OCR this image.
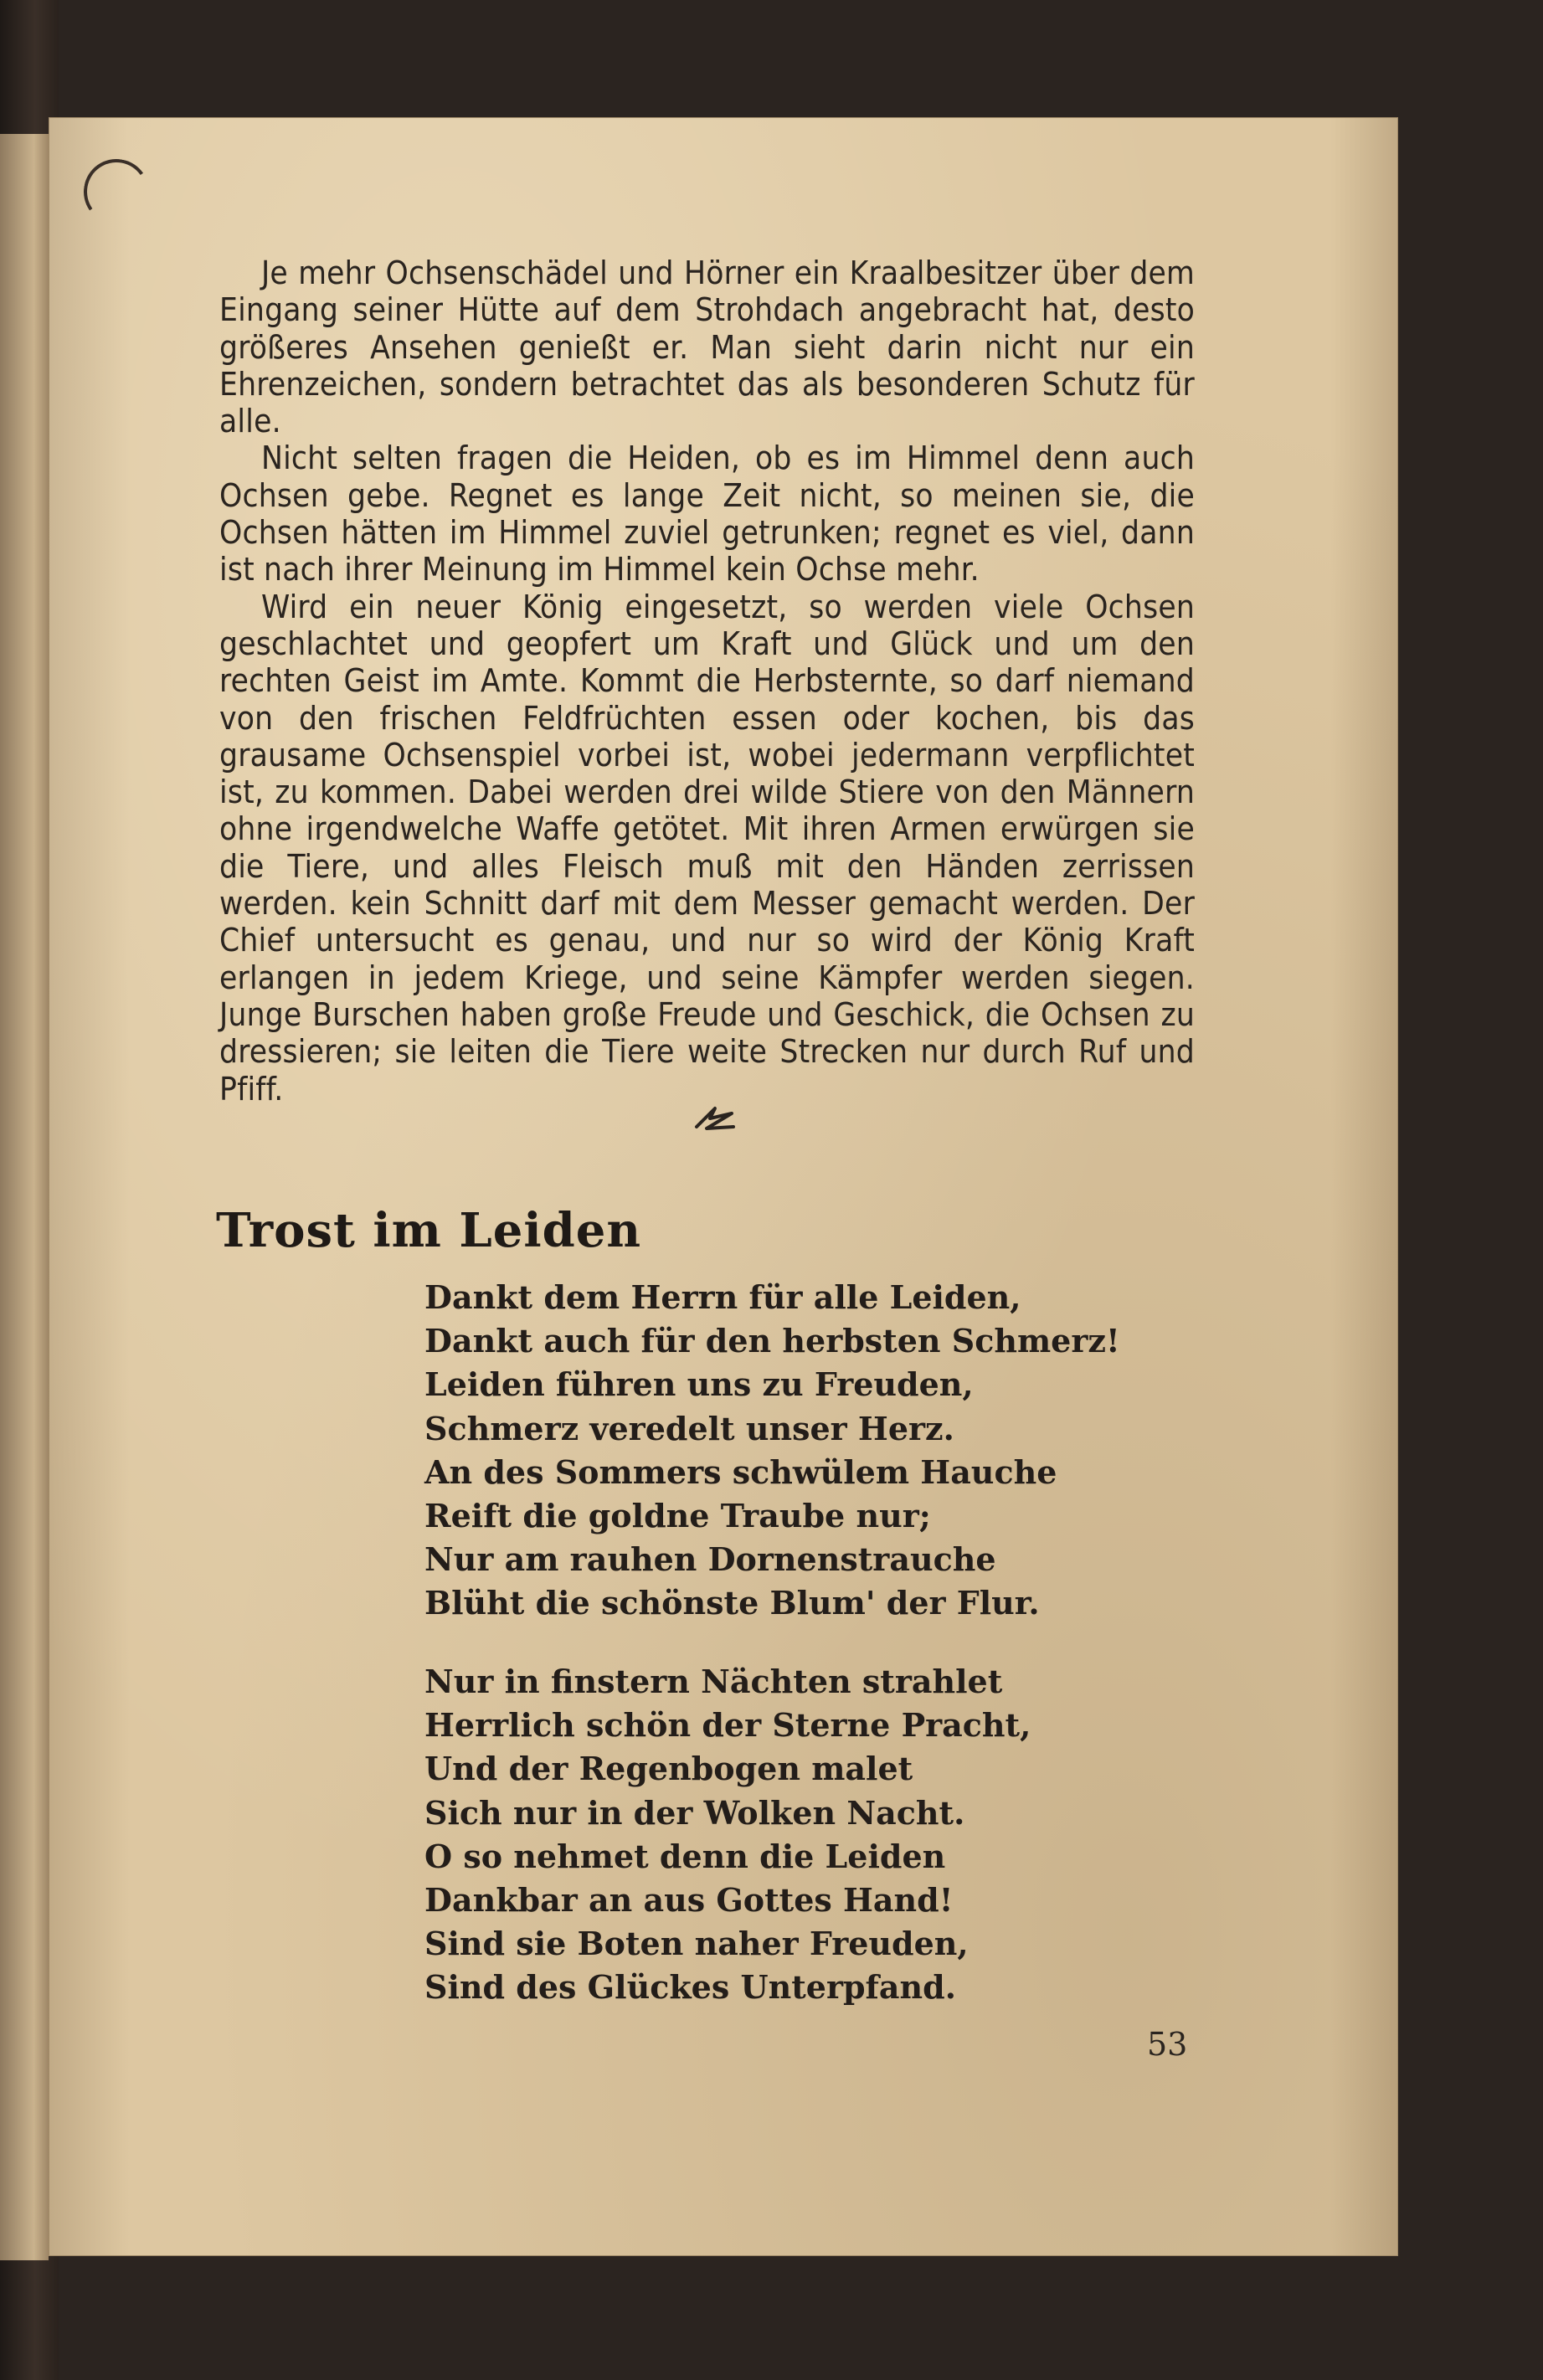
Je mehr Ochsenschädel und Hörner ein Kraalbesitzer über dem Eingang seiner Hütte auf dem Strohdach angebracht hat, desto größeres Ansehen genießt er. Man sieht darin nicht nur ein Ehrenzeichen, sondern betrachtet das als besonderen Schutz für alle.

Nicht selten fragen die Heiden, ob es im Himmel denn auch Ochsen gebe. Regnet es lange Zeit nicht, so meinen sie, die Ochsen hätten im Himmel zuviel getrunken; regnet es viel, dann ist nach ihrer Meinung im Himmel kein Ochse mehr.

Wird ein neuer König eingesetzt, so werden viele Ochsen geschlachtet und geopfert um Kraft und Glück und um den rechten Geist im Amte. Kommt die Herbsternte, so darf niemand von den frischen Feldfrüchten essen oder kochen, bis das grausame Ochsenspiel vorbei ist, wobei jedermann verpflichtet ist, zu kommen. Dabei werden drei wilde Stiere von den Männern ohne irgendwelche Waffe getötet. Mit ihren Armen erwürgen sie die Tiere, und alles Fleisch muß mit den Händen zerrissen werden. kein Schnitt darf mit dem Messer gemacht werden. Der Chief untersucht es genau, und nur so wird der König Kraft erlangen in jedem Kriege, und seine Kämpfer werden siegen. Junge Burschen haben große Freude und Geschick, die Ochsen zu dressieren; sie leiten die Tiere weite Strecken nur durch Ruf und Pfiff.

Trost im Leiden
Dankt dem Herrn für alle Leiden,
Dankt auch für den herbsten Schmerz!
Leiden führen uns zu Freuden,
Schmerz veredelt unser Herz.
An des Sommers schwülem Hauche
Reift die goldne Traube nur;
Nur am rauhen Dornenstrauche
Blüht die schönste Blum' der Flur.
Nur in finstern Nächten strahlet
Herrlich schön der Sterne Pracht,
Und der Regenbogen malet
Sich nur in der Wolken Nacht.
O so nehmet denn die Leiden
Dankbar an aus Gottes Hand!
Sind sie Boten naher Freuden,
Sind des Glückes Unterpfand.
53
